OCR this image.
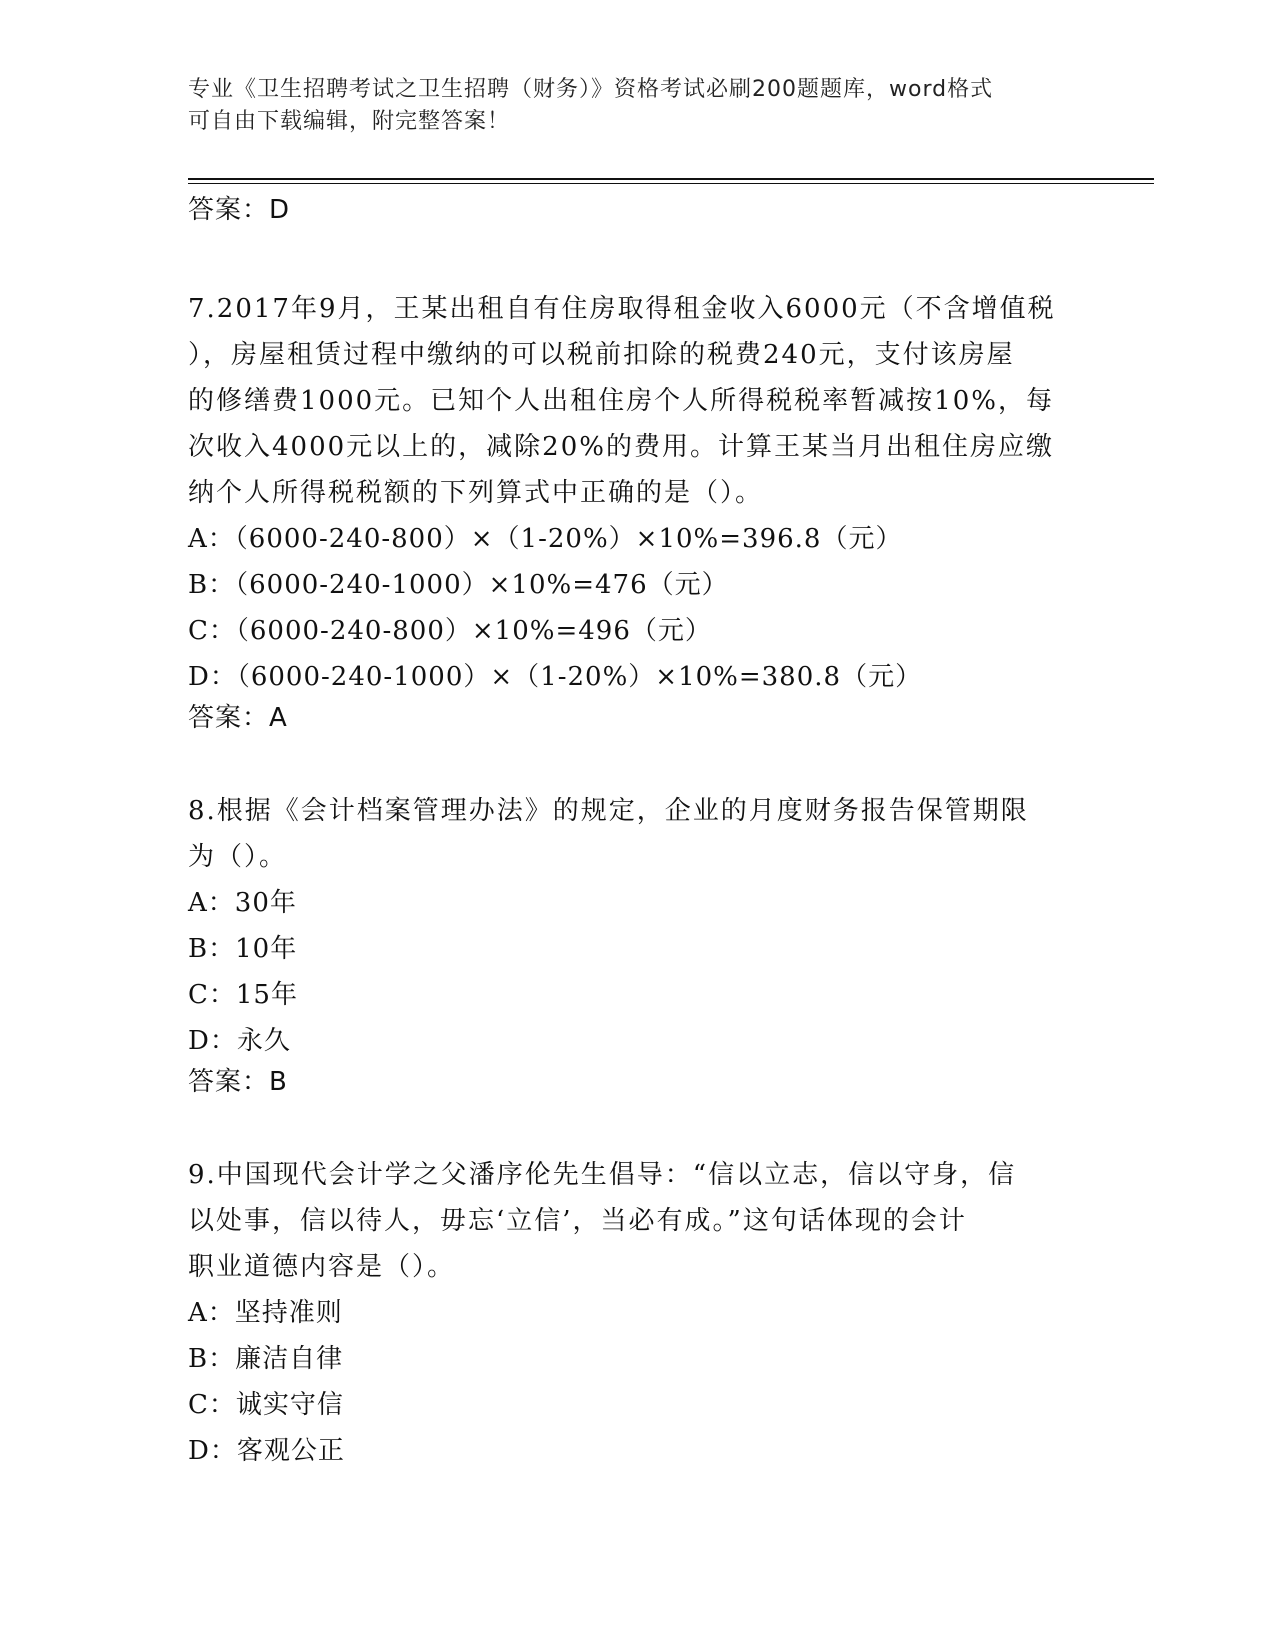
专业《卫生招聘考试之卫生招聘（财务）》资格考试必刷200题题库，word格式
可自由下载编辑，附完整答案！

答案：D

7.2017年9月，王某出租自有住房取得租金收入6000元（不含增值税

），房屋租赁过程中缴纳的可以税前扣除的税费240元，支付该房屋

的修缮费1000元。已知个人出租住房个人所得税税率暂减按10%，每

次收入4000元以上的，减除20%的费用。计算王某当月出租住房应缴

纳个人所得税税额的下列算式中正确的是（）。

A：（6000-240-800）×（1-20%）×10%=396.8（元）

B：（6000-240-1000）×10%=476（元）

C：（6000-240-800）×10%=496（元）

D：（6000-240-1000）×（1-20%）×10%=380.8（元）

答案：A

8.根据《会计档案管理办法》的规定，企业的月度财务报告保管期限

为（）。

A：30年

B：10年

C：15年

D：永久

答案：B

9.中国现代会计学之父潘序伦先生倡导：“信以立志，信以守身，信

以处事，信以待人，毋忘‘立信’，当必有成。”这句话体现的会计

职业道德内容是（）。

A：坚持准则

B：廉洁自律

C：诚实守信

D：客观公正
